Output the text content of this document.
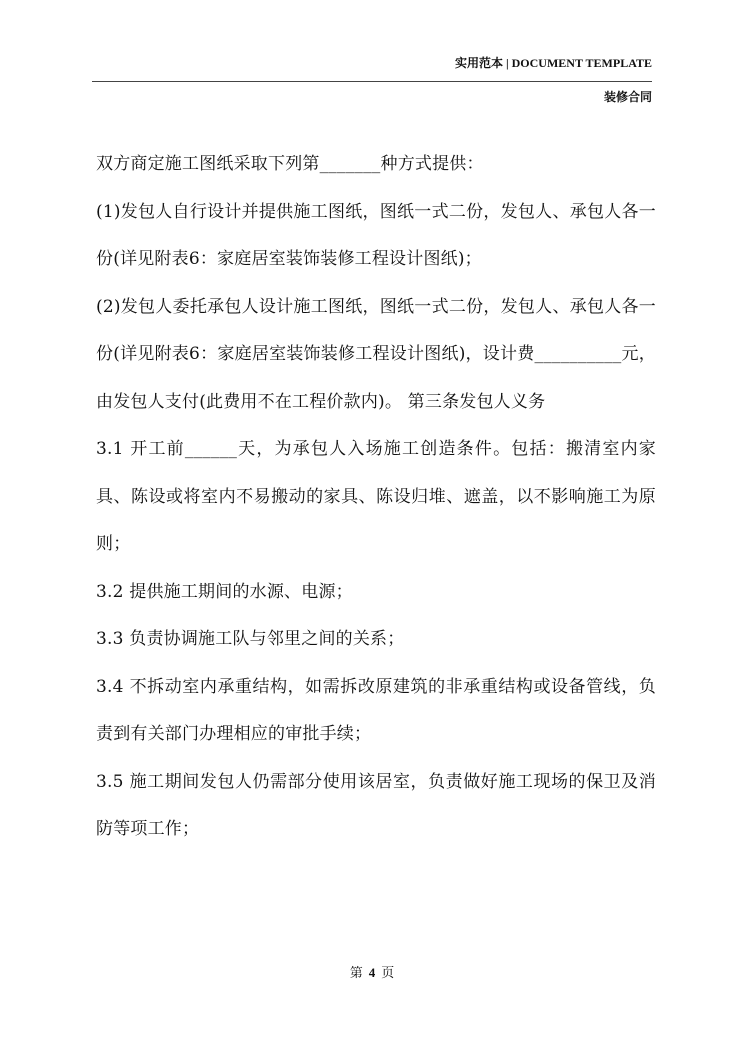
实用范本 | DOCUMENT TEMPLATE
装修合同

双方商定施工图纸采取下列第_______种方式提供：

(1)发包人自行设计并提供施工图纸，图纸一式二份，发包人、承包人各一份(详见附表6：家庭居室装饰装修工程设计图纸)；

(2)发包人委托承包人设计施工图纸，图纸一式二份，发包人、承包人各一份(详见附表6：家庭居室装饰装修工程设计图纸)，设计费__________元，由发包人支付(此费用不在工程价款内)。 第三条发包人义务

3.1 开工前______天，为承包人入场施工创造条件。包括：搬清室内家具、陈设或将室内不易搬动的家具、陈设归堆、遮盖，以不影响施工为原则；

3.2 提供施工期间的水源、电源；

3.3 负责协调施工队与邻里之间的关系；

3.4 不拆动室内承重结构，如需拆改原建筑的非承重结构或设备管线，负责到有关部门办理相应的审批手续；

3.5 施工期间发包人仍需部分使用该居室，负责做好施工现场的保卫及消防等项工作；

第 4 页
